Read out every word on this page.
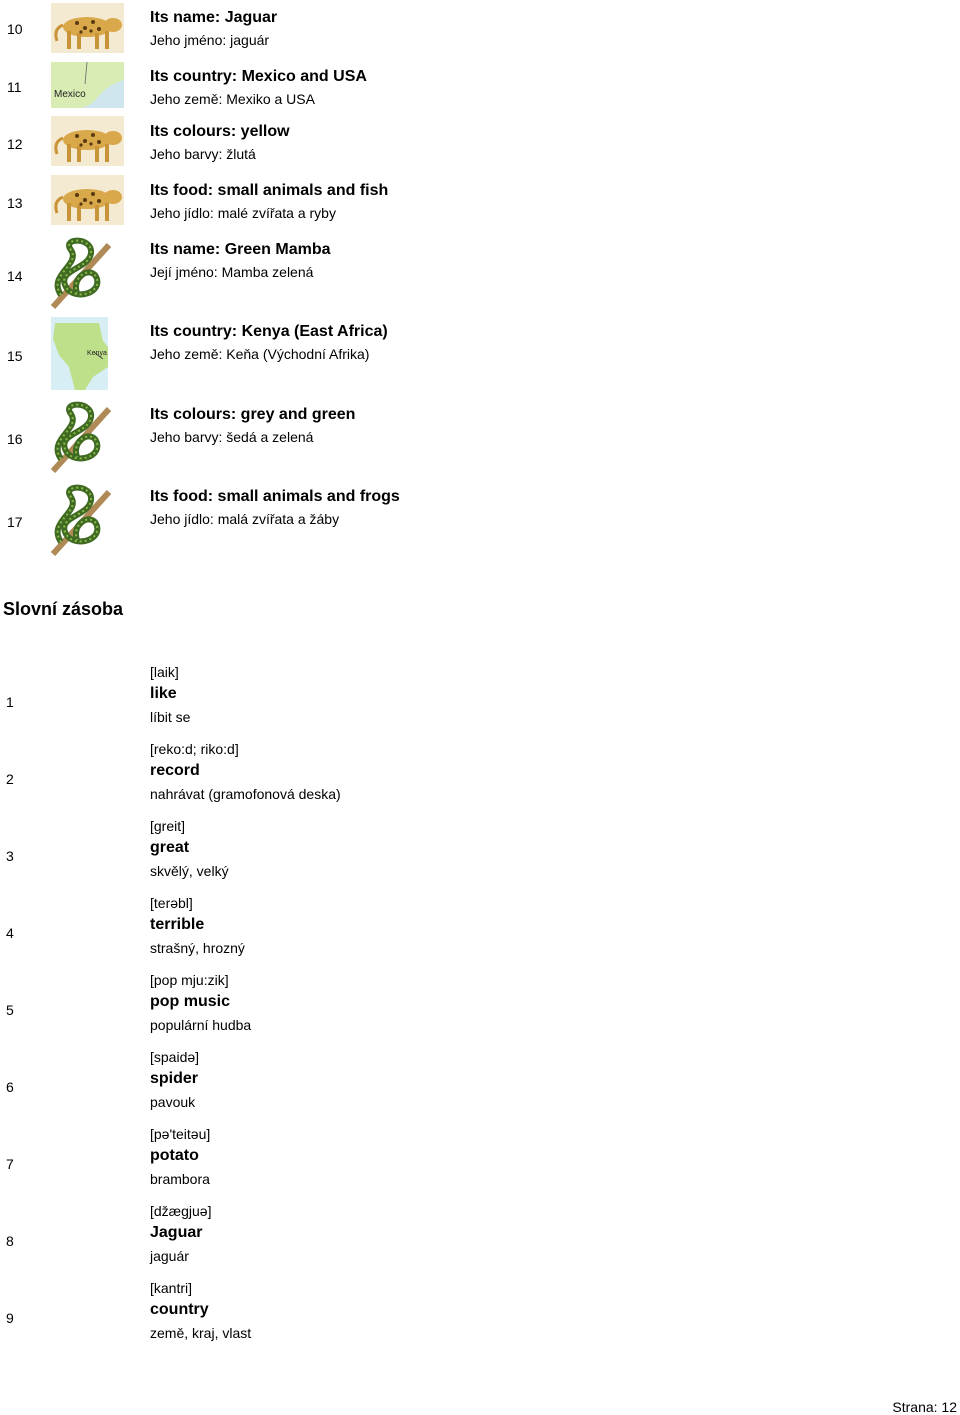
10
Its name: Jaguar
Jeho jméno: jaguár
11	Mexico
Its country: Mexico and USA
Jeho země: Mexiko a USA
12
Its colours: yellow
Jeho barvy: žlutá
13
Its food: small animals and fish
Jeho jídlo: malé zvířata a ryby
14
Its name: Green Mamba
Její jméno: Mamba zelená
15	Kenya
Its country: Kenya (East Africa)
Jeho země: Keňa (Východní Afrika)
16
Its colours: grey and green
Jeho barvy: šedá a zelená
17
Its food: small animals and frogs
Jeho jídlo: malá zvířata a žáby
Slovní zásoba
1
[laik]
like
líbit se
2
[reko:d; riko:d]
record
nahrávat (gramofonová deska)
3
[greit]
great
skvělý, velký
4
[terəbl]
terrible
strašný, hrozný
5
[pop mju:zik]
pop music
populární hudba
6
[spaidə]
spider
pavouk
7
[pə'teitəu]
potato
brambora
8
[džægjuə]
Jaguar
jaguár
9
[kantri]
country
země, kraj, vlast
Strana: 12
